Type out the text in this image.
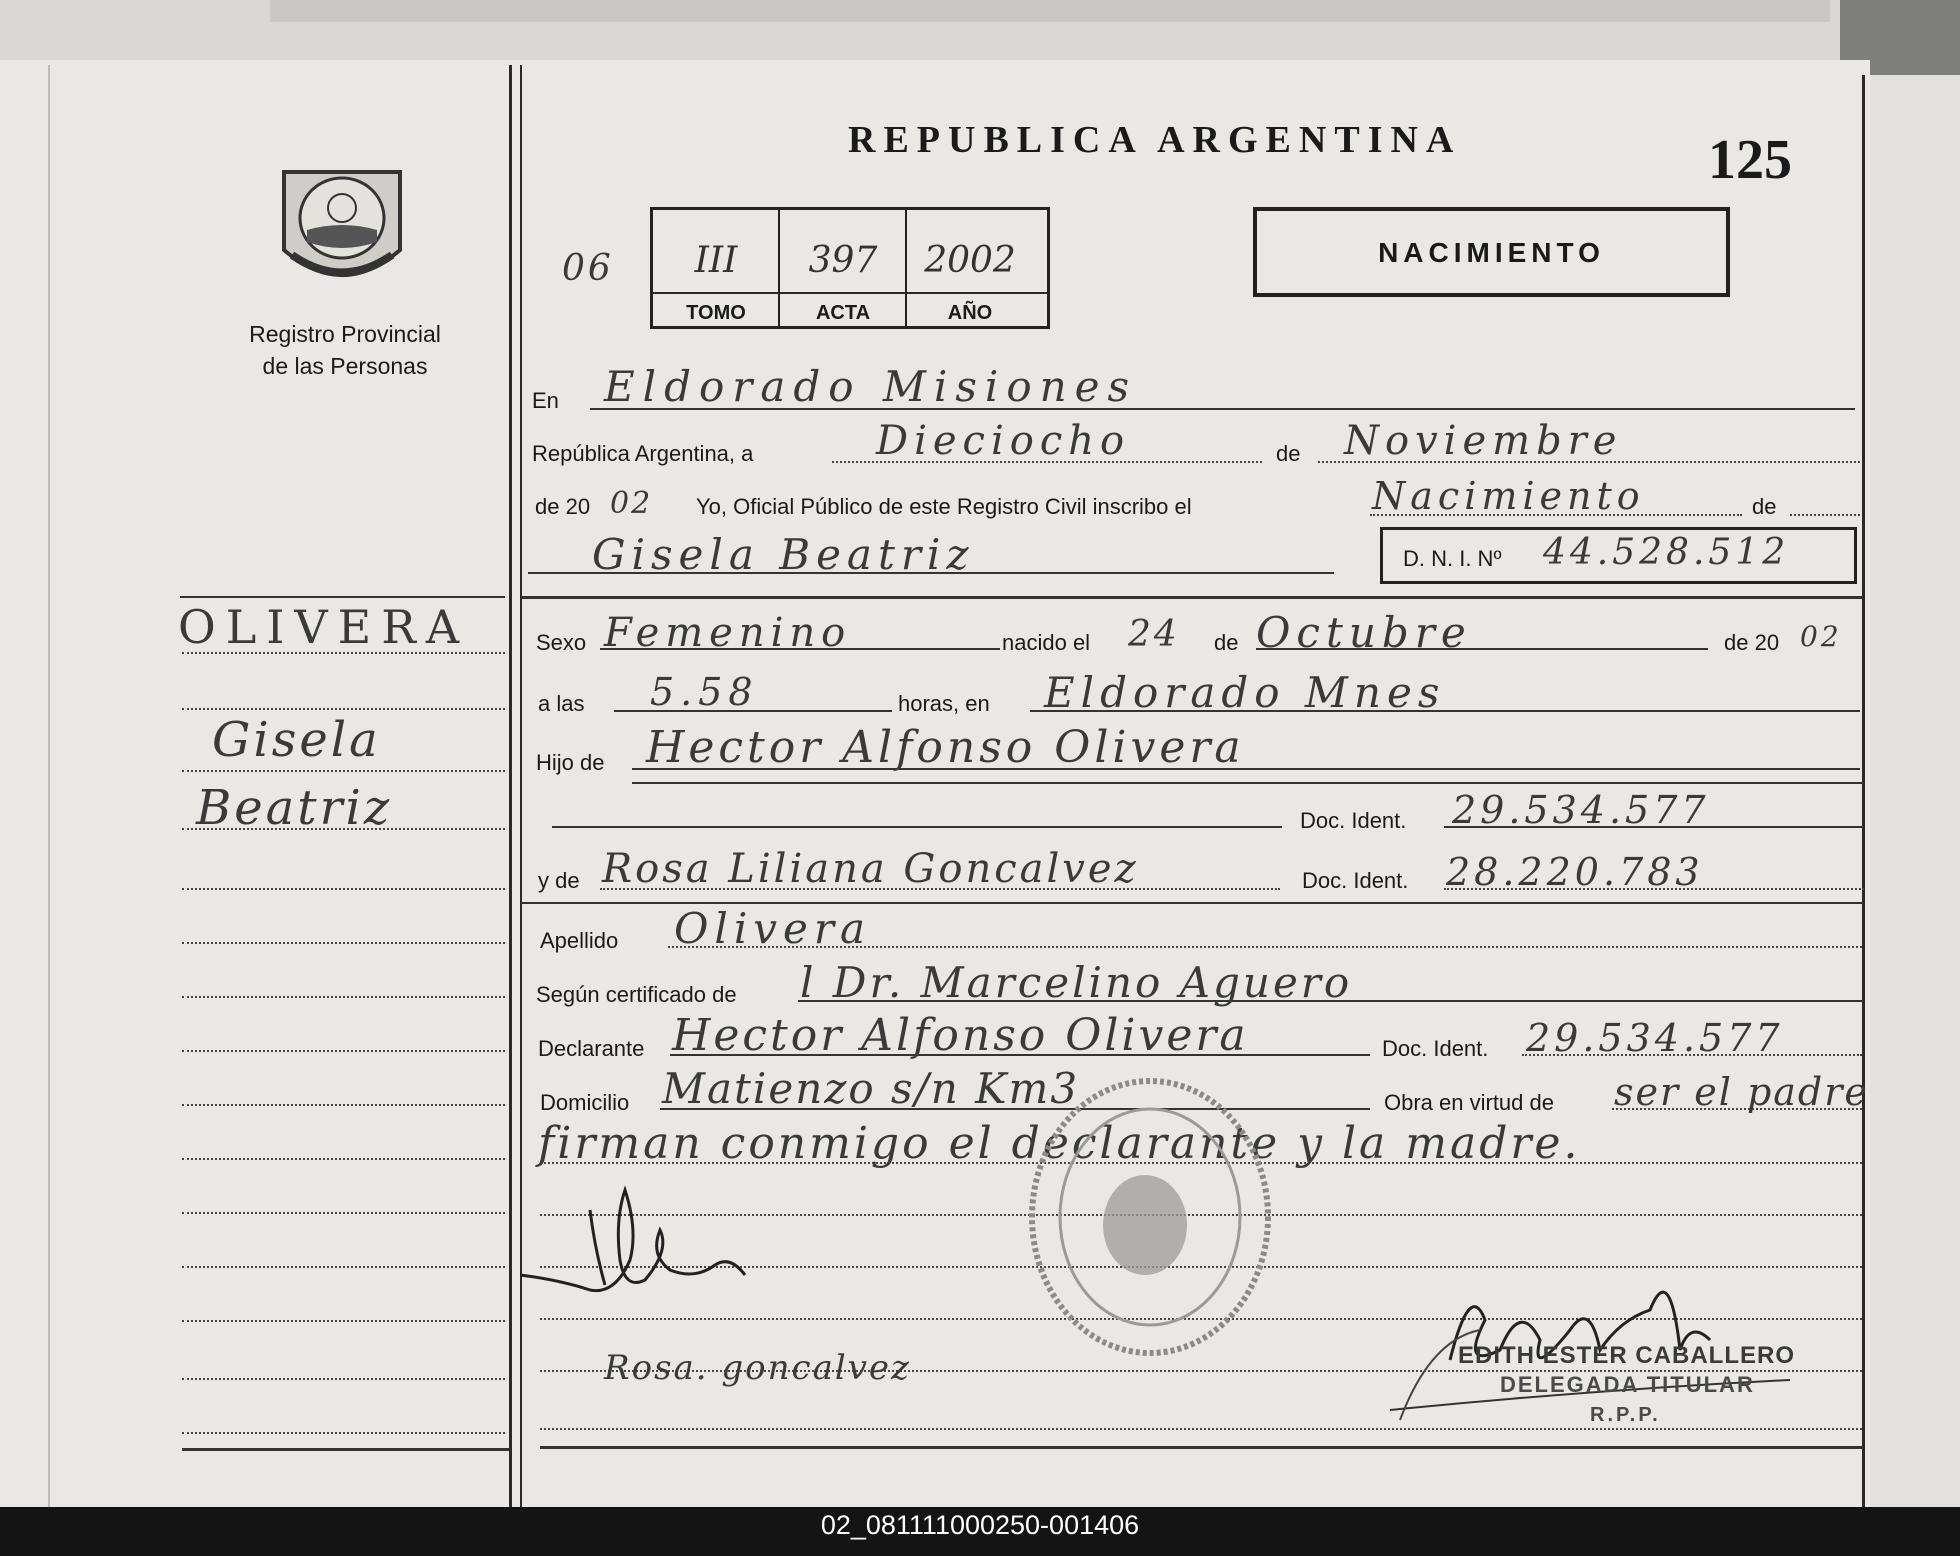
Registro Provincial
de las Personas
REPUBLICA ARGENTINA	125
06	III	397	2002
TOMO	ACTA	AÑO
NACIMIENTO
OLIVERA
Gisela
Beatriz
En Eldorado Misiones
República Argentina, a	Dieciocho	de Noviembre
de 20 02 Yo, Oficial Público de este Registro Civil inscribo el	Nacimiento	de
Gisela Beatriz	D. N. I. Nº 44.528.512
Sexo Femenino	nacido el 24 de Octubre	de 20 02
a las 5.58	horas, en Eldorado Mnes
Hijo de Hector Alfonso Olivera
Doc. Ident. 29.534.577
y de Rosa Liliana Goncalvez	Doc. Ident. 28.220.783
Apellido Olivera
Según certificado de l Dr. Marcelino Aguero
Declarante Hector Alfonso Olivera	Doc. Ident. 29.534.577
Domicilio Matienzo s/n Km3	Obra en virtud de ser el padre
firman conmigo el declarante y la madre.
Rosa. goncalvez	EDITH ESTER CABALLERO
DELEGADA TITULAR
R.P.P.
02_081111000250-001406
